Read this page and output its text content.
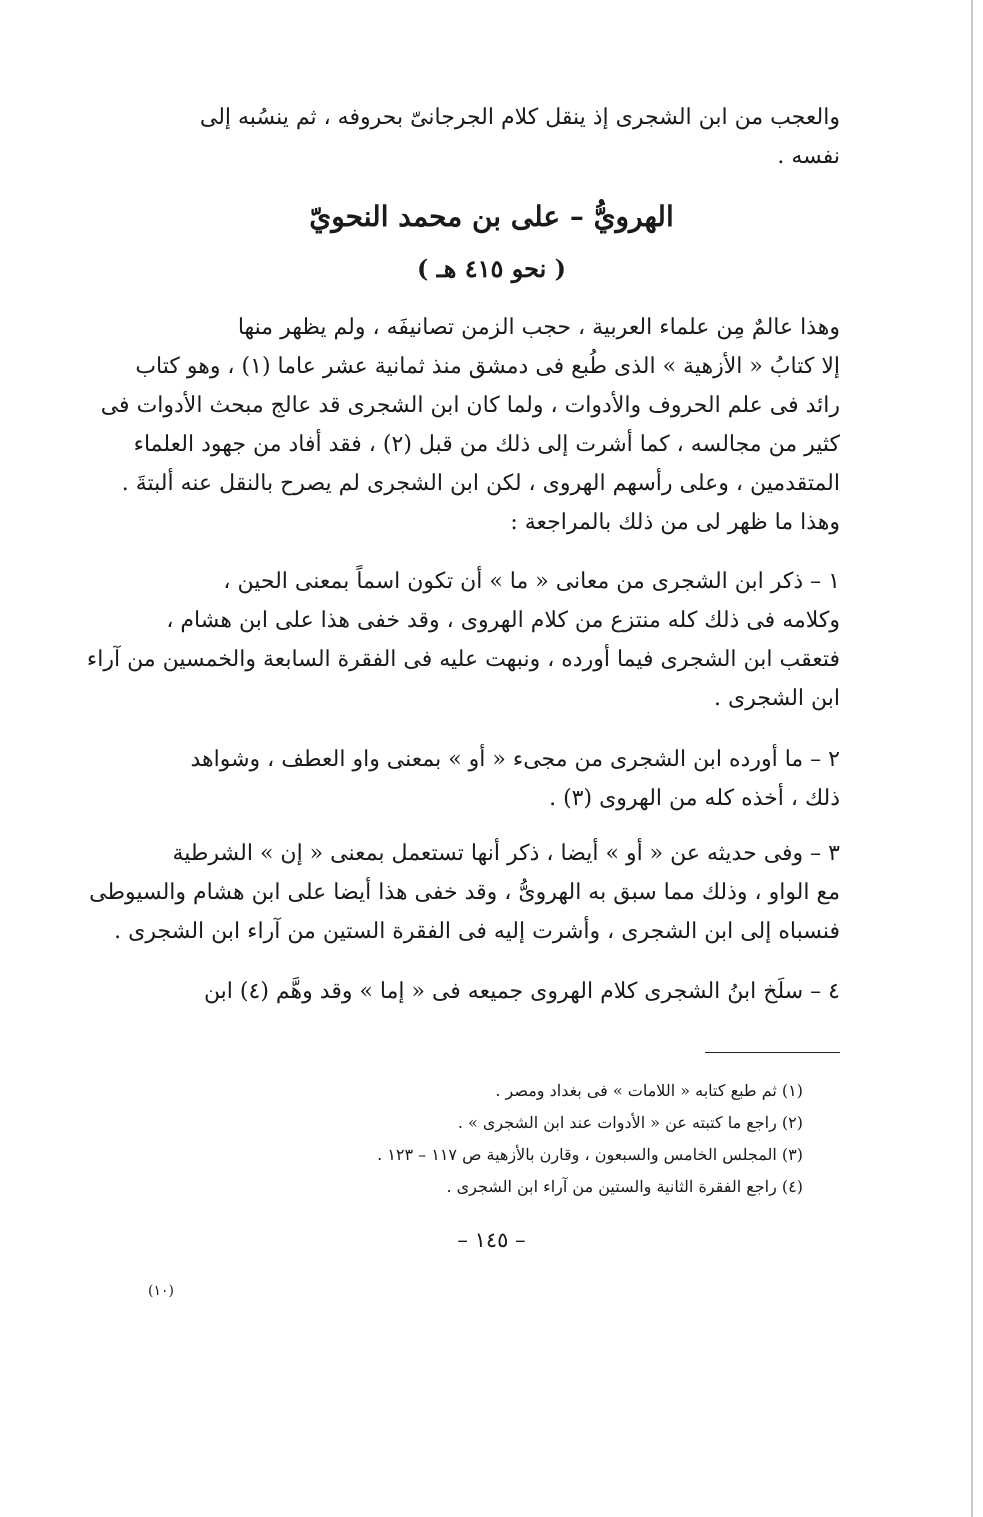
والعجب من ابن الشجرى إذ ينقل كلام الجرجانىّ بحروفه ، ثم ينسُبه إلى
نفسه .
الهرويُّ – على بن محمد النحويّ
( نحو ٤١٥ هـ )
وهذا عالمٌ مِن علماء العربية ، حجب الزمن تصانيفَه ، ولم يظهر منها
إلا كتابُ « الأزهية » الذى طُبع فى دمشق منذ ثمانية عشر عاما (١) ، وهو كتاب
رائد فى علم الحروف والأدوات ، ولما كان ابن الشجرى قد عالج مبحث الأدوات فى
كثير من مجالسه ، كما أشرت إلى ذلك من قبل (٢) ، فقد أفاد من جهود العلماء
المتقدمين ، وعلى رأسهم الهروى ، لكن ابن الشجرى لم يصرح بالنقل عنه ألبتةَ .
وهذا ما ظهر لى من ذلك بالمراجعة :
١ – ذكر ابن الشجرى من معانى « ما » أن تكون اسماً بمعنى الحين ،
وكلامه فى ذلك كله منتزع من كلام الهروى ، وقد خفى هذا على ابن هشام ،
فتعقب ابن الشجرى فيما أورده ، ونبهت عليه فى الفقرة السابعة والخمسين من آراء
ابن الشجرى .
٢ – ما أورده ابن الشجرى من مجىء « أو » بمعنى واو العطف ، وشواهد
ذلك ، أخذه كله من الهروى (٣) .
٣ – وفى حديثه عن « أو » أيضا ، ذكر أنها تستعمل بمعنى « إن » الشرطية
مع الواو ، وذلك مما سبق به الهروىُّ ، وقد خفى هذا أيضا على ابن هشام والسيوطى
فنسباه إلى ابن الشجرى ، وأشرت إليه فى الفقرة الستين من آراء ابن الشجرى .
٤ – سلَخ ابنُ الشجرى كلام الهروى جميعه فى « إما » وقد وهَّم (٤) ابن
(١) ثم طبع كتابه « اللامات » فى بغداد ومصر .
(٢) راجع ما كتبته عن « الأدوات عند ابن الشجرى » .
(٣) المجلس الخامس والسبعون ، وقارن بالأزهية ص ١١٧ – ١٢٣ .
(٤) راجع الفقرة الثانية والستين من آراء ابن الشجرى .
– ١٤٥ –
(١٠)
